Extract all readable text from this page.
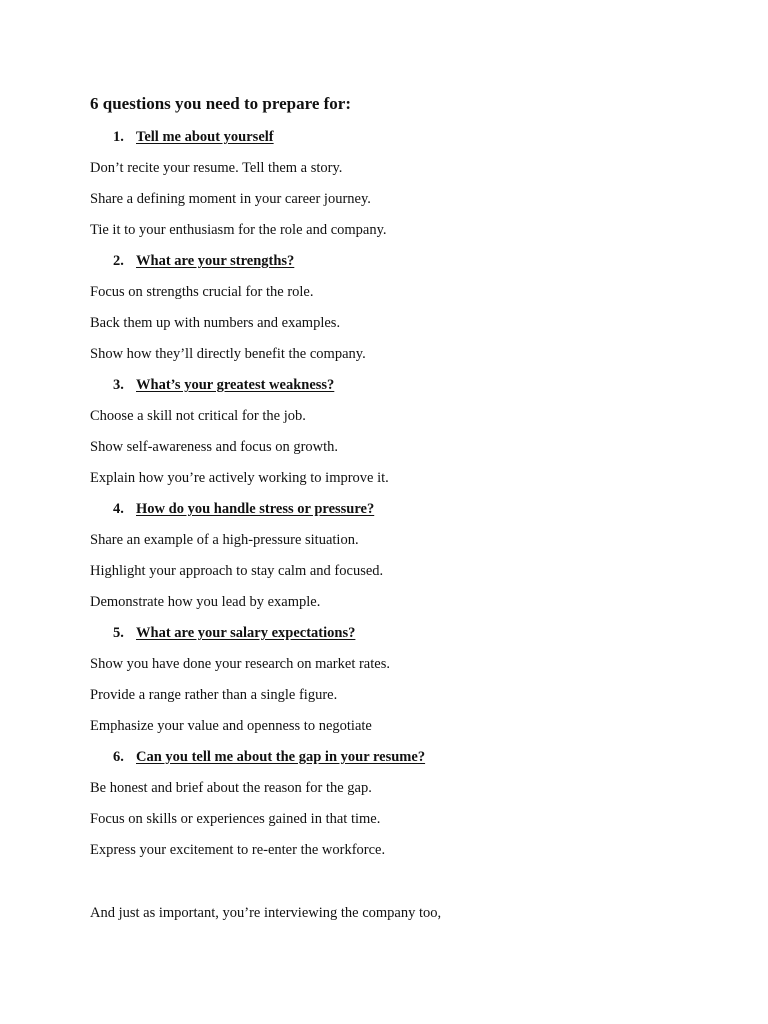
6 questions you need to prepare for:
1. Tell me about yourself
Don’t recite your resume. Tell them a story.
Share a defining moment in your career journey.
Tie it to your enthusiasm for the role and company.
2. What are your strengths?
Focus on strengths crucial for the role.
Back them up with numbers and examples.
Show how they’ll directly benefit the company.
3. What’s your greatest weakness?
Choose a skill not critical for the job.
Show self-awareness and focus on growth.
Explain how you’re actively working to improve it.
4. How do you handle stress or pressure?
Share an example of a high-pressure situation.
Highlight your approach to stay calm and focused.
Demonstrate how you lead by example.
5. What are your salary expectations?
Show you have done your research on market rates.
Provide a range rather than a single figure.
Emphasize your value and openness to negotiate
6. Can you tell me about the gap in your resume?
Be honest and brief about the reason for the gap.
Focus on skills or experiences gained in that time.
Express your excitement to re-enter the workforce.
And just as important, you’re interviewing the company too,
